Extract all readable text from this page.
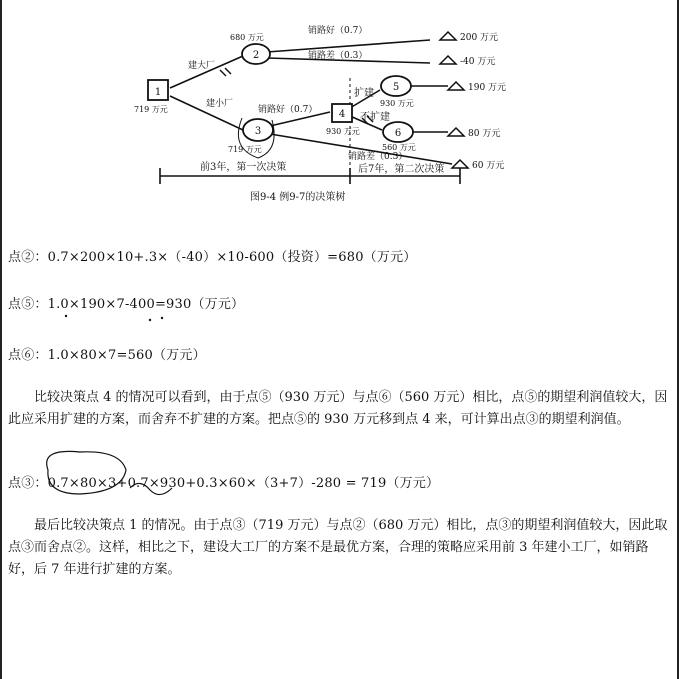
1
719 万元
2
680 万元
3
719 万元
4
930 万元
5
930 万元
6
560 万元
建大厂
建小厂
扩建
不扩建
销路好（0.7）
销路差（0.3）
销路好（0.7）
销路差（0.3）
200 万元
-40 万元
190 万元
80 万元
60 万元
前3年，第一次决策	后7年，第二次决策
图9-4 例9-7的决策树
点②：0.7×200×10+.3×（-40）×10-600（投资）=680（万元）
点⑤：1.0×190×7-400=930（万元）
点⑥：1.0×80×7=560（万元）

比较决策点 4 的情况可以看到，由于点⑤（930 万元）与点⑥（560 万元）相比，点⑤的期望利润值较大，因此应采用扩建的方案，而舍弃不扩建的方案。把点⑤的 930 万元移到点 4 来，可计算出点③的期望利润值。

点③：0.7×80×3+0.7×930+0.3×60×（3+7）-280 = 719（万元）

最后比较决策点 1 的情况。由于点③（719 万元）与点②（680 万元）相比，点③的期望利润值较大，因此取点③而舍点②。这样，相比之下，建设大工厂的方案不是最优方案，合理的策略应采用前 3 年建小工厂，如销路好，后 7 年进行扩建的方案。
